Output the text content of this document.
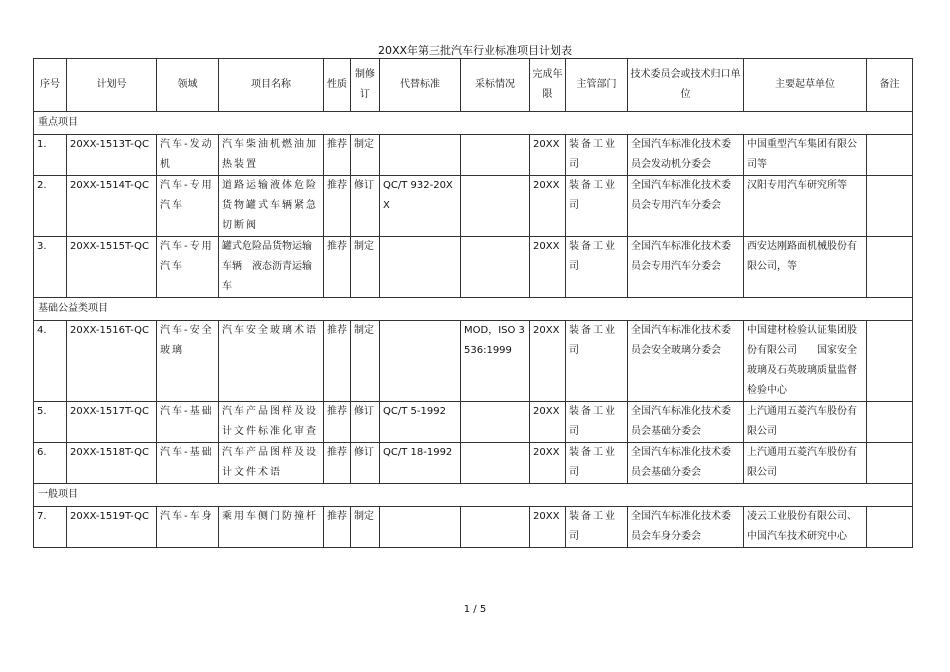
20XX年第三批汽车行业标准项目计划表
序号	计划号	领域	项目名称	性质	制修订	代替标准	采标情况	完成年限	主管部门	技术委员会或技术归口单位	主要起草单位	备注
重点项目												
1.	20XX-1513T-QC	汽车-发动机	汽车柴油机燃油加热装置	推荐	制定			20XX	装备工业司	全国汽车标准化技术委员会发动机分委会	中国重型汽车集团有限公司等	
2.	20XX-1514T-QC	汽车-专用汽车	道路运输液体危险货物罐式车辆紧急切断阀	推荐	修订	QC/T 932-20XX		20XX	装备工业司	全国汽车标准化技术委员会专用汽车分委会	汉阳专用汽车研究所等	
3.	20XX-1515T-QC	汽车-专用汽车	罐式危险品货物运输车辆　液态沥青运输车	推荐	制定			20XX	装备工业司	全国汽车标准化技术委员会专用汽车分委会	西安达刚路面机械股份有限公司，等	
基础公益类项目												
4.	20XX-1516T-QC	汽车-安全玻璃	汽车安全玻璃术语	推荐	制定		MOD，ISO 3536:1999	20XX	装备工业司	全国汽车标准化技术委员会安全玻璃分委会	中国建材检验认证集团股份有限公司　　国家安全玻璃及石英玻璃质量监督检验中心	
5.	20XX-1517T-QC	汽车-基础	汽车产品图样及设计文件标准化审查	推荐	修订	QC/T 5-1992		20XX	装备工业司	全国汽车标准化技术委员会基础分委会	上汽通用五菱汽车股份有限公司	
6.	20XX-1518T-QC	汽车-基础	汽车产品图样及设计文件术语	推荐	修订	QC/T 18-1992		20XX	装备工业司	全国汽车标准化技术委员会基础分委会	上汽通用五菱汽车股份有限公司	
一般项目												
7.	20XX-1519T-QC	汽车-车身	乘用车侧门防撞杆	推荐	制定			20XX	装备工业司	全国汽车标准化技术委员会车身分委会	凌云工业股份有限公司、中国汽车技术研究中心	
1 / 5
